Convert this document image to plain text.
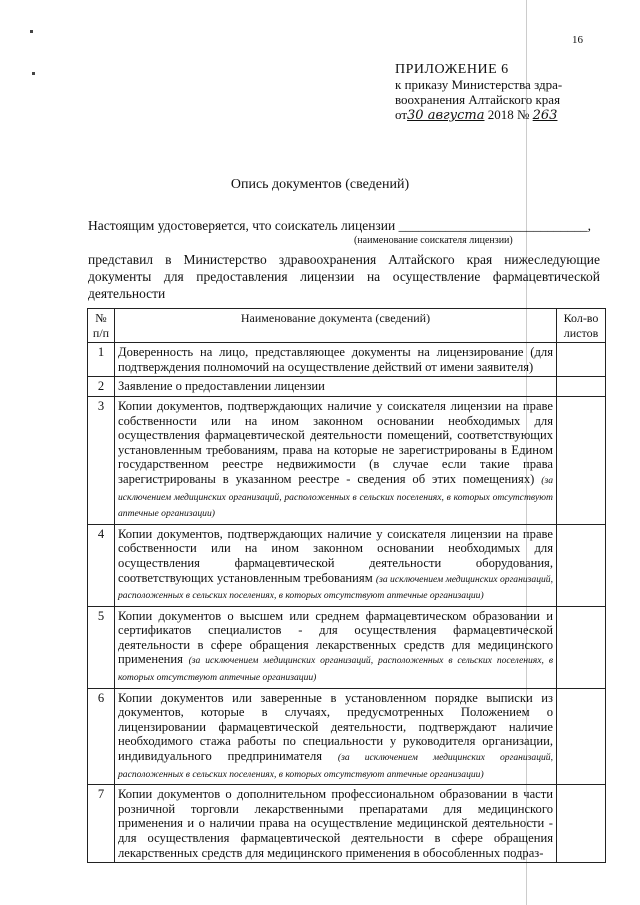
16
ПРИЛОЖЕНИЕ 6
к приказу Министерства здра-
воохранения Алтайского края
от30 августа 2018 № 263
Опись документов (сведений)
Настоящим удостоверяется, что соискатель лицензии ____________________________,
(наименование соискателя лицензии)
представил в Министерство здравоохранения Алтайского края нижеследующие документы для предоставления лицензии на осуществление фармацевтической деятельности
№ п/п	Наименование документа (сведений)	Кол-во листов
1	Доверенность на лицо, представляющее документы на лицензирование (для подтверждения полномочий на осуществление действий от имени заявителя)	
2	Заявление о предоставлении лицензии	
3	Копии документов, подтверждающих наличие у соискателя лицензии на праве собственности или на ином законном основании необходимых для осуществления фармацевтической деятельности помещений, соответствующих установленным требованиям, права на которые не зарегистрированы в Едином государственном реестре недвижимости (в случае если такие права зарегистрированы в указанном реестре - сведения об этих помещениях) (за исключением медицинских организаций, расположенных в сельских поселениях, в которых отсутствуют аптечные организации)	
4	Копии документов, подтверждающих наличие у соискателя лицензии на праве собственности или на ином законном основании необходимых для осуществления фармацевтической деятельности оборудования, соответствующих установленным требованиям (за исключением медицинских организаций, расположенных в сельских поселениях, в которых отсутствуют аптечные организации)	
5	Копии документов о высшем или среднем фармацевтическом образовании и сертификатов специалистов - для осуществления фармацевтической деятельности в сфере обращения лекарственных средств для медицинского применения (за исключением медицинских организаций, расположенных в сельских поселениях, в которых отсутствуют аптечные организации)	
6	Копии документов или заверенные в установленном порядке выписки из документов, которые в случаях, предусмотренных Положением о лицензировании фармацевтической деятельности, подтверждают наличие необходимого стажа работы по специальности у руководителя организации, индивидуального предпринимателя (за исключением медицинских организаций, расположенных в сельских поселениях, в которых отсутствуют аптечные организации)	
7	Копии документов о дополнительном профессиональном образовании в части розничной торговли лекарственными препаратами для медицинского применения и о наличии права на осуществление медицинской деятельности - для осуществления фармацевтической деятельности в сфере обращения лекарственных средств для медицинского применения в обособленных подраз-	
